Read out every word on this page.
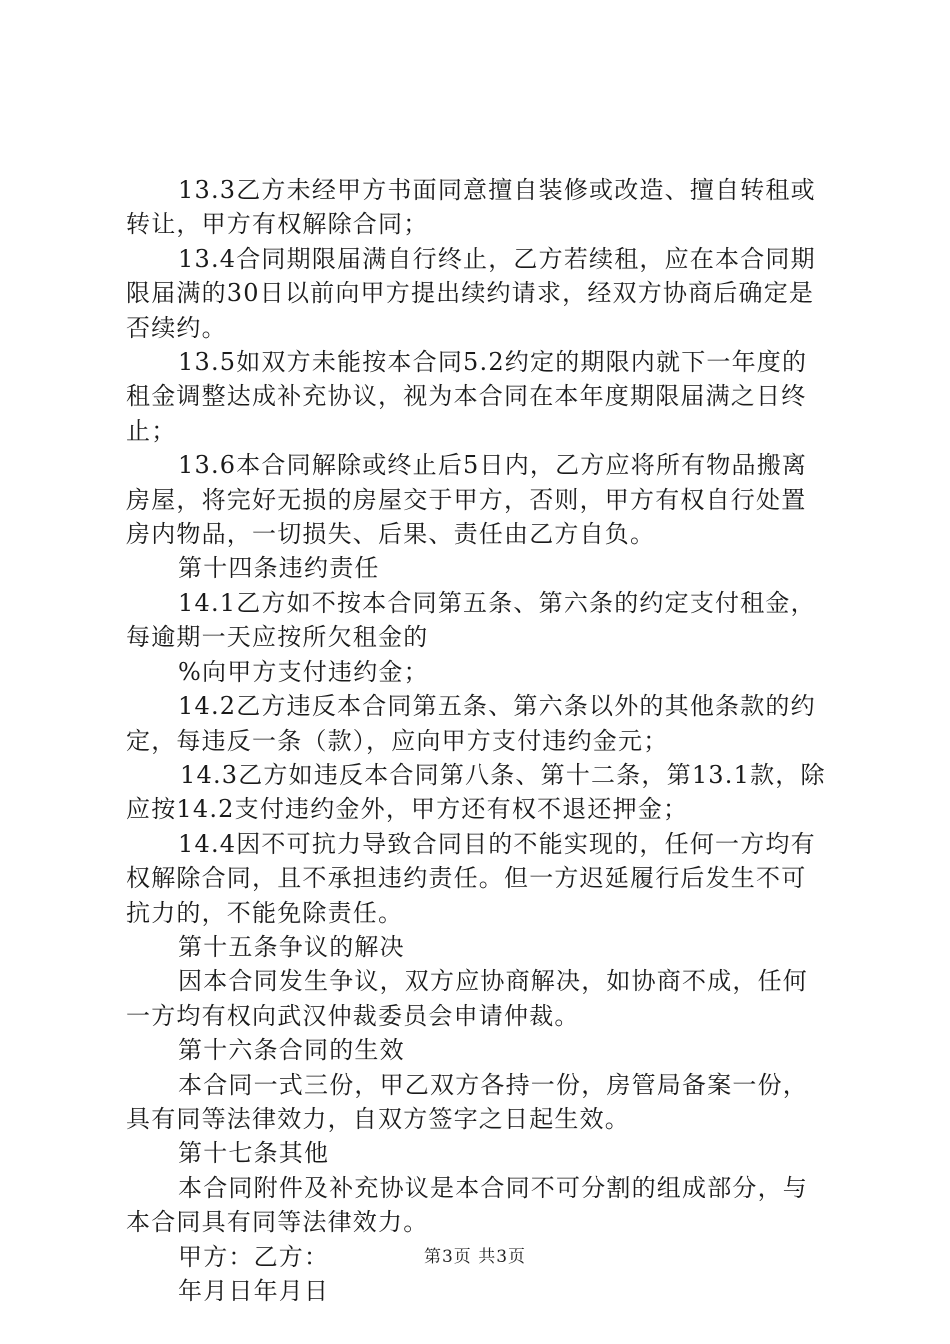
13.3乙方未经甲方书面同意擅自装修或改造、擅自转租或
转让，甲方有权解除合同；
13.4合同期限届满自行终止，乙方若续租，应在本合同期
限届满的30日以前向甲方提出续约请求，经双方协商后确定是
否续约。
13.5如双方未能按本合同5.2约定的期限内就下一年度的
租金调整达成补充协议，视为本合同在本年度期限届满之日终
止；
13.6本合同解除或终止后5日内，乙方应将所有物品搬离
房屋，将完好无损的房屋交于甲方，否则，甲方有权自行处置
房内物品，一切损失、后果、责任由乙方自负。
第十四条违约责任
14.1乙方如不按本合同第五条、第六条的约定支付租金，
每逾期一天应按所欠租金的
%向甲方支付违约金；
14.2乙方违反本合同第五条、第六条以外的其他条款的约
定，每违反一条（款），应向甲方支付违约金元；
14.3乙方如违反本合同第八条、第十二条，第13.1款，除
应按14.2支付违约金外，甲方还有权不退还押金；
14.4因不可抗力导致合同目的不能实现的，任何一方均有
权解除合同，且不承担违约责任。但一方迟延履行后发生不可
抗力的，不能免除责任。
第十五条争议的解决
因本合同发生争议，双方应协商解决，如协商不成，任何
一方均有权向武汉仲裁委员会申请仲裁。
第十六条合同的生效
本合同一式三份，甲乙双方各持一份，房管局备案一份，
具有同等法律效力，自双方签字之日起生效。
第十七条其他
本合同附件及补充协议是本合同不可分割的组成部分，与
本合同具有同等法律效力。
甲方：乙方：
年月日年月日
第3页 共3页
